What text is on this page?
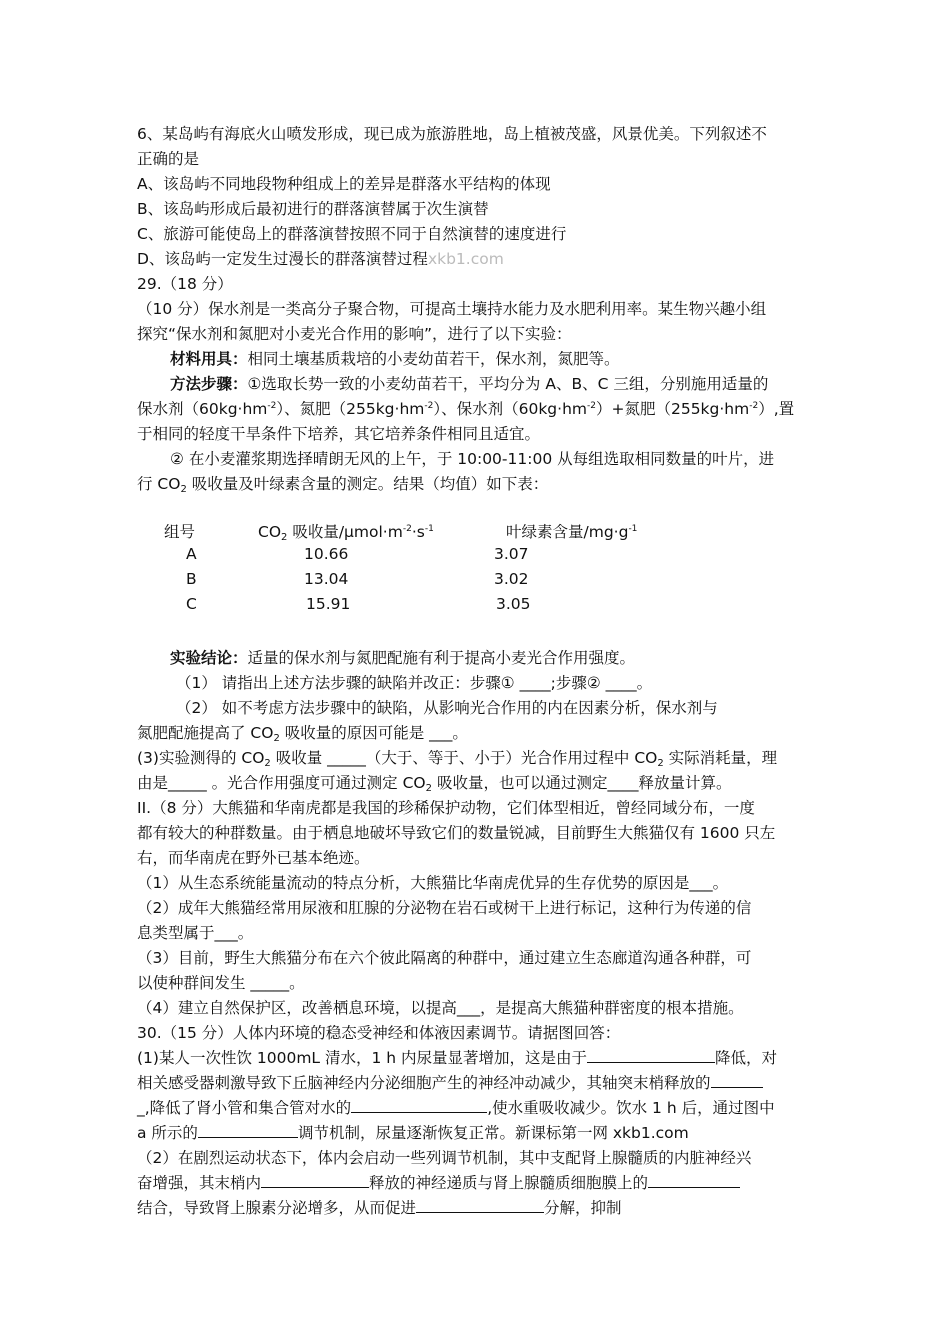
6、某岛屿有海底火山喷发形成，现已成为旅游胜地，岛上植被茂盛，风景优美。下列叙述不
正确的是
A、该岛屿不同地段物种组成上的差异是群落水平结构的体现
B、该岛屿形成后最初进行的群落演替属于次生演替
C、旅游可能使岛上的群落演替按照不同于自然演替的速度进行
D、该岛屿一定发生过漫长的群落演替过程xkb1.com
29.（18 分）
（10 分）保水剂是一类高分子聚合物，可提高土壤持水能力及水肥利用率。某生物兴趣小组
探究“保水剂和氮肥对小麦光合作用的影响”，进行了以下实验：
材料用具：相同土壤基质栽培的小麦幼苗若干，保水剂，氮肥等。
方法步骤：①选取长势一致的小麦幼苗若干，平均分为 A、B、C 三组，分别施用适量的
保水剂$(60kg\cdot hm^{-2})$、氮肥$(255kg\cdot hm^{-2})$、保水剂$(60kg\cdot hm^{-2})+$氮肥$(255kg\cdot hm^{-2})$,置
于相同的轻度干旱条件下培养，其它培养条件相同且适宜。
② 在小麦灌浆期选择晴朗无风的上午，于 10:00-11:00 从每组选取相同数量的叶片，进
行 $CO_2$ 吸收量及叶绿素含量的测定。结果（均值）如下表：
组号	$CO_2$ 吸收量$/\mu mol\cdot m^{-2}\cdot s^{-1}$	叶绿素含量$/mg\cdot g^{-1}$
A	10.66	3.07
B	13.04	3.02
C	15.91	3.05
实验结论：适量的保水剂与氮肥配施有利于提高小麦光合作用强度。
（1） 请指出上述方法步骤的缺陷并改正：步骤① ____;步骤② ____。
（2） 如不考虑方法步骤中的缺陷，从影响光合作用的内在因素分析，保水剂与
氮肥配施提高了 $CO_2$ 吸收量的原因可能是 ___。
(3)实验测得的 $CO_2$ 吸收量 _____（大于、等于、小于）光合作用过程中 $CO_2$ 实际消耗量，理
由是_____ 。光合作用强度可通过测定 $CO_2$ 吸收量，也可以通过测定____释放量计算。
II.（8 分）大熊猫和华南虎都是我国的珍稀保护动物，它们体型相近，曾经同域分布，一度
都有较大的种群数量。由于栖息地破坏导致它们的数量锐减，目前野生大熊猫仅有 1600 只左
右，而华南虎在野外已基本绝迹。
（1）从生态系统能量流动的特点分析，大熊猫比华南虎优异的生存优势的原因是___。
（2）成年大熊猫经常用尿液和肛腺的分泌物在岩石或树干上进行标记，这种行为传递的信
息类型属于___。
（3）目前，野生大熊猫分布在六个彼此隔离的种群中，通过建立生态廊道沟通各种群，可
以使种群间发生 _____。
（4）建立自然保护区，改善栖息环境，以提高___，是提高大熊猫种群密度的根本措施。
30.（15 分）人体内环境的稳态受神经和体液因素调节。请据图回答：
(1)某人一次性饮 1000mL 清水，1 h 内尿量显著增加，这是由于	降低，对
相关感受器刺激导致下丘脑神经内分泌细胞产生的神经冲动减少，其轴突末梢释放的
_,降低了肾小管和集合管对水的	,使水重吸收减少。饮水 1 h 后，通过图中
a 所示的	调节机制，尿量逐渐恢复正常。新课标第一网 xkb1.com
（2）在剧烈运动状态下，体内会启动一些列调节机制，其中支配肾上腺髓质的内脏神经兴
奋增强，其末梢内	释放的神经递质与肾上腺髓质细胞膜上的
结合，导致肾上腺素分泌增多，从而促进	分解，抑制
